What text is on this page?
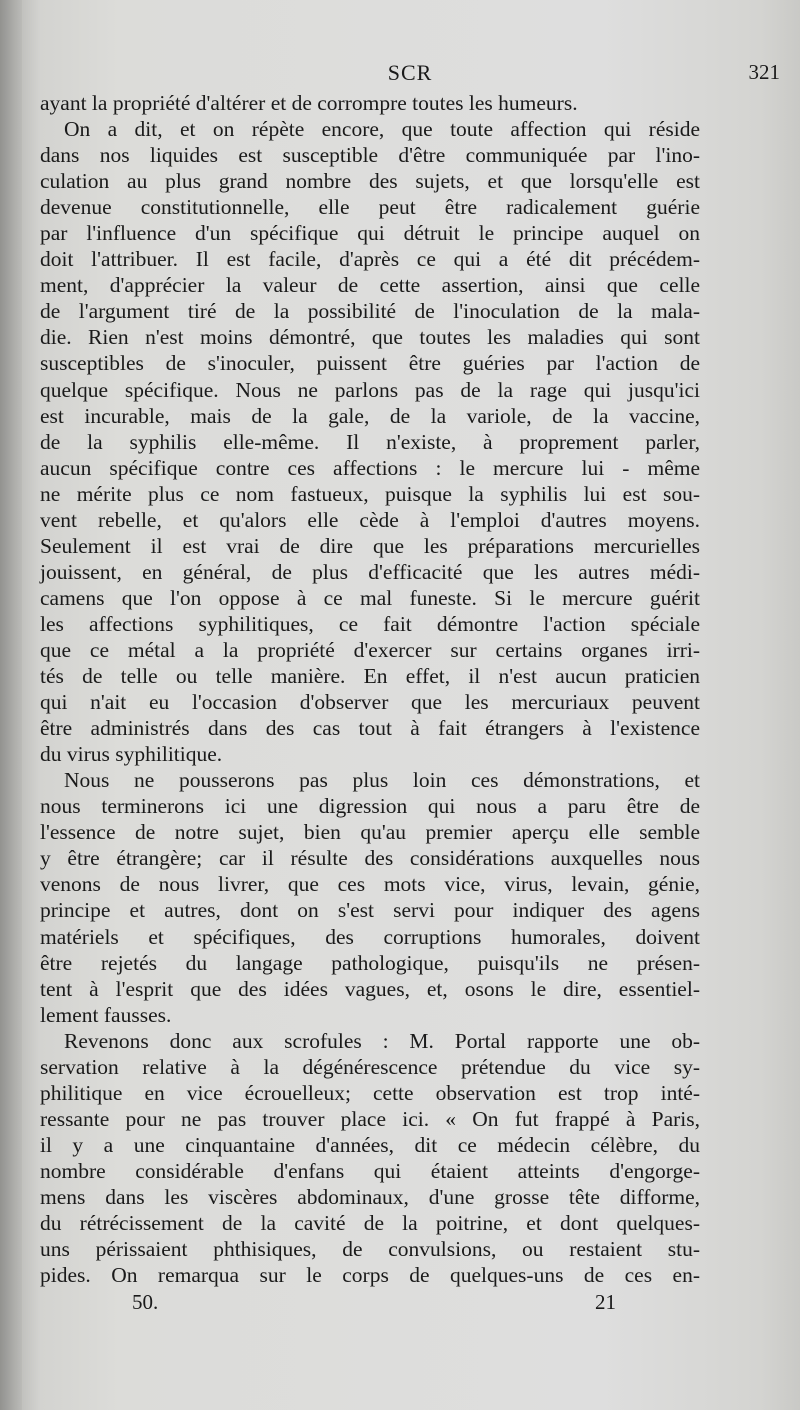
SCR	321
ayant la propriété d'altérer et de corrompre toutes les humeurs.
On a dit, et on répète encore, que toute affection qui réside
dans nos liquides est susceptible d'être communiquée par l'ino-
culation au plus grand nombre des sujets, et que lorsqu'elle est
devenue constitutionnelle, elle peut être radicalement guérie
par l'influence d'un spécifique qui détruit le principe auquel on
doit l'attribuer. Il est facile, d'après ce qui a été dit précédem-
ment, d'apprécier la valeur de cette assertion, ainsi que celle
de l'argument tiré de la possibilité de l'inoculation de la mala-
die. Rien n'est moins démontré, que toutes les maladies qui sont
susceptibles de s'inoculer, puissent être guéries par l'action de
quelque spécifique. Nous ne parlons pas de la rage qui jusqu'ici
est incurable, mais de la gale, de la variole, de la vaccine,
de la syphilis elle-même. Il n'existe, à proprement parler,
aucun spécifique contre ces affections : le mercure lui - même
ne mérite plus ce nom fastueux, puisque la syphilis lui est sou-
vent rebelle, et qu'alors elle cède à l'emploi d'autres moyens.
Seulement il est vrai de dire que les préparations mercurielles
jouissent, en général, de plus d'efficacité que les autres médi-
camens que l'on oppose à ce mal funeste. Si le mercure guérit
les affections syphilitiques, ce fait démontre l'action spéciale
que ce métal a la propriété d'exercer sur certains organes irri-
tés de telle ou telle manière. En effet, il n'est aucun praticien
qui n'ait eu l'occasion d'observer que les mercuriaux peuvent
être administrés dans des cas tout à fait étrangers à l'existence
du virus syphilitique.
Nous ne pousserons pas plus loin ces démonstrations, et
nous terminerons ici une digression qui nous a paru être de
l'essence de notre sujet, bien qu'au premier aperçu elle semble
y être étrangère; car il résulte des considérations auxquelles nous
venons de nous livrer, que ces mots vice, virus, levain, génie,
principe et autres, dont on s'est servi pour indiquer des agens
matériels et spécifiques, des corruptions humorales, doivent
être rejetés du langage pathologique, puisqu'ils ne présen-
tent à l'esprit que des idées vagues, et, osons le dire, essentiel-
lement fausses.
Revenons donc aux scrofules : M. Portal rapporte une ob-
servation relative à la dégénérescence prétendue du vice sy-
philitique en vice écrouelleux; cette observation est trop inté-
ressante pour ne pas trouver place ici. « On fut frappé à Paris,
il y a une cinquantaine d'années, dit ce médecin célèbre, du
nombre considérable d'enfans qui étaient atteints d'engorge-
mens dans les viscères abdominaux, d'une grosse tête difforme,
du rétrécissement de la cavité de la poitrine, et dont quelques-
uns périssaient phthisiques, de convulsions, ou restaient stu-
pides. On remarqua sur le corps de quelques-uns de ces en-
50.	21
